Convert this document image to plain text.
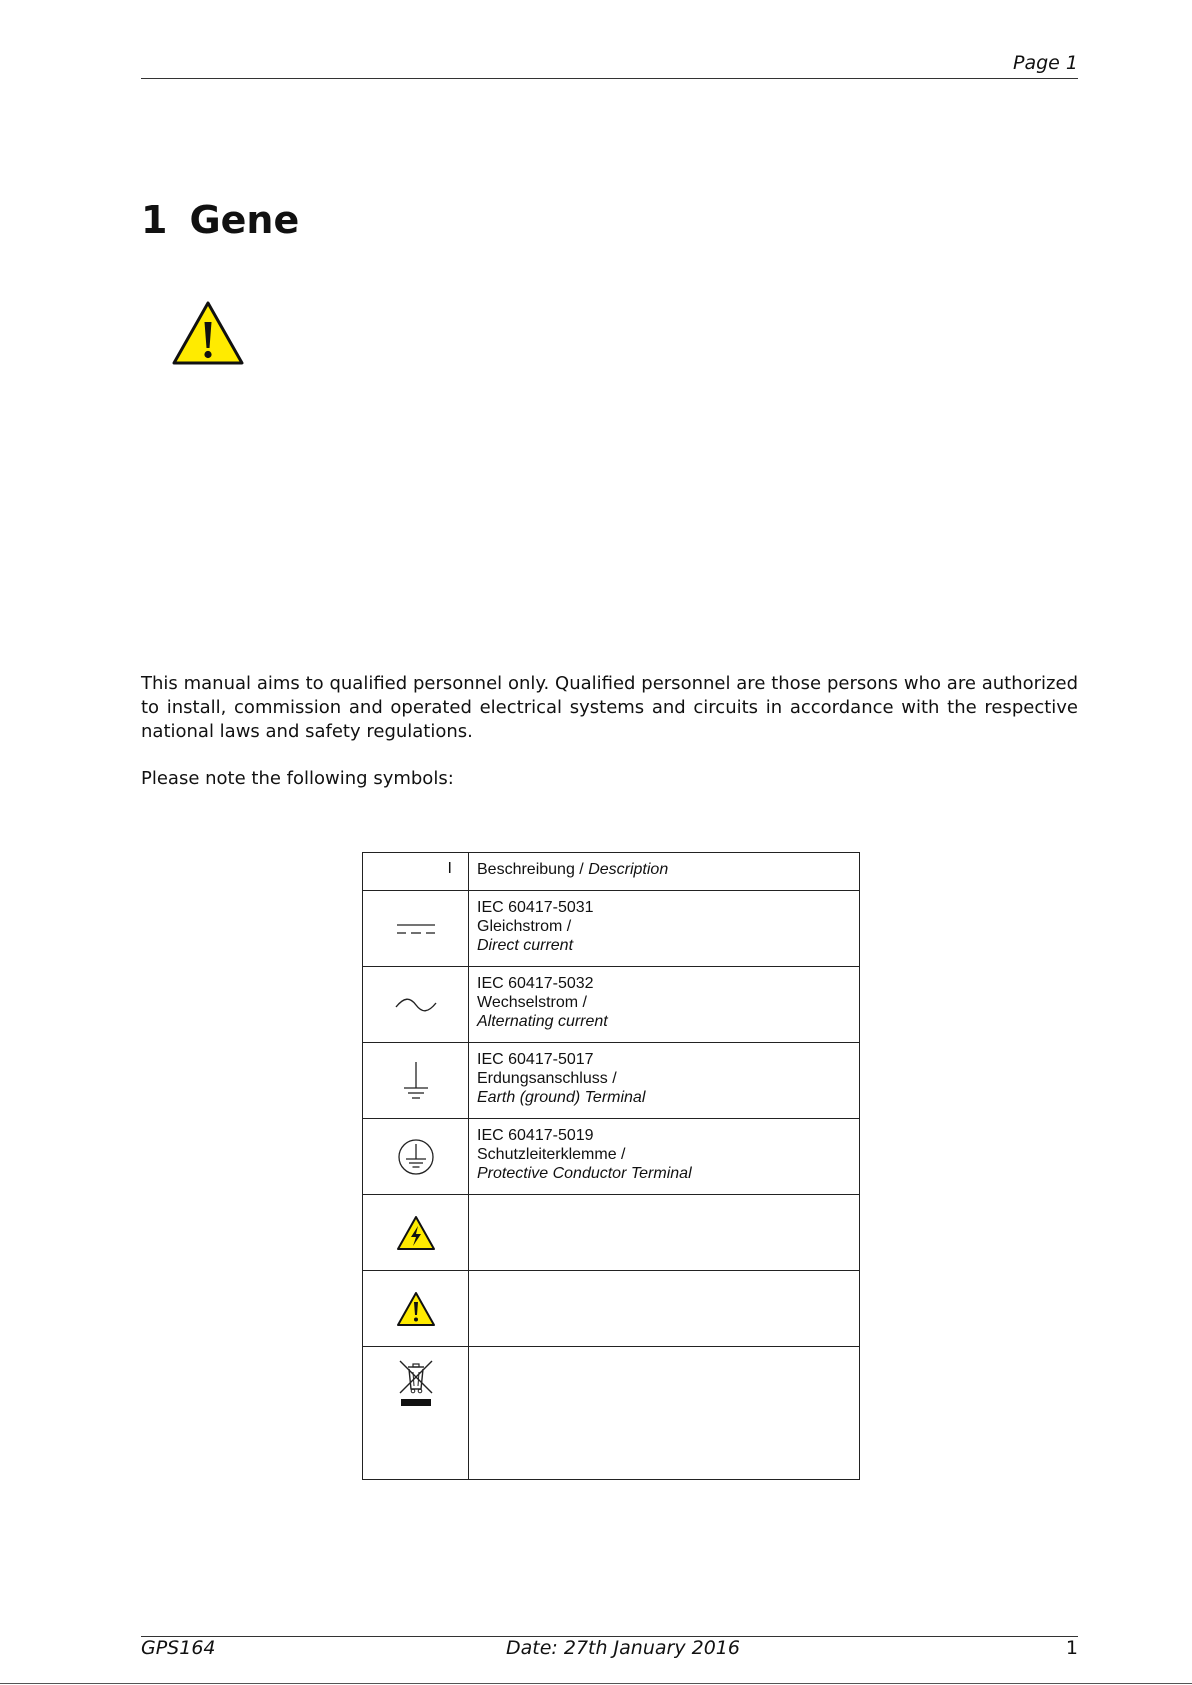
Page 1
1 Gene
This manual aims to qualified personnel only. Qualified personnel are those persons who are authorized to install, commission and operated electrical systems and circuits in accordance with the respective national laws and safety regulations.
Please note the following symbols:
I	Beschreibung / Description

IEC 60417-5031
Gleichstrom /
Direct current

IEC 60417-5032
Wechselstrom /
Alternating current

IEC 60417-5017
Erdungsanschluss /
Earth (ground) Terminal

IEC 60417-5019
Schutzleiterklemme /
Protective Conductor Terminal

GPS164	Date: 27th January 2016	1
